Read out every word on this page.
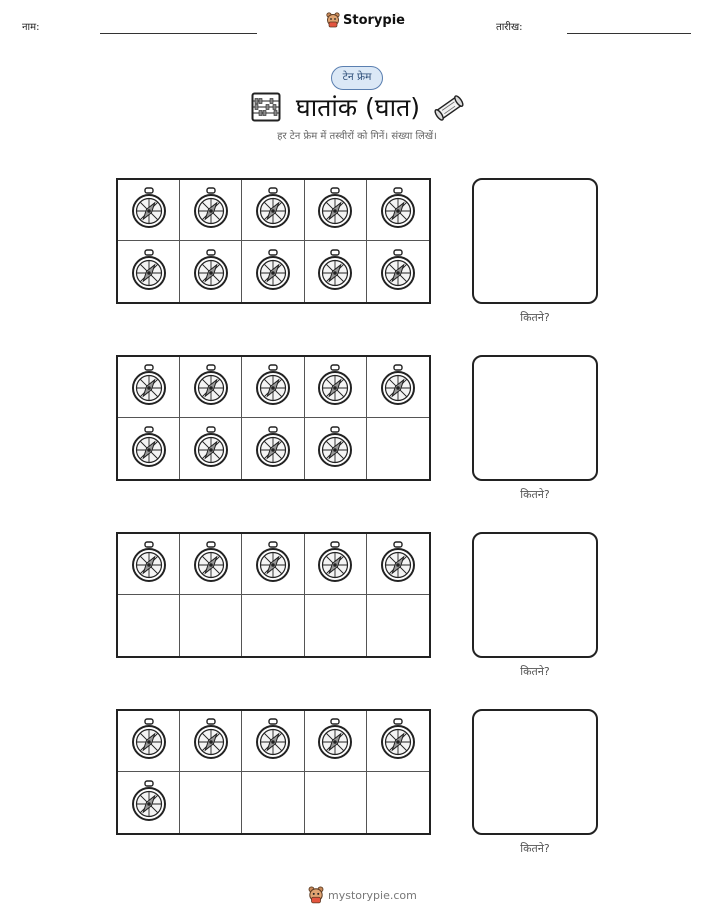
नाम:	Storypie	तारीख:
टेन फ्रेम
घातांक (घात)
हर टेन फ्रेम में तस्वीरों को गिनें। संख्या लिखें।
कितने?
कितने?
कितने?
कितने?
mystorypie.com
